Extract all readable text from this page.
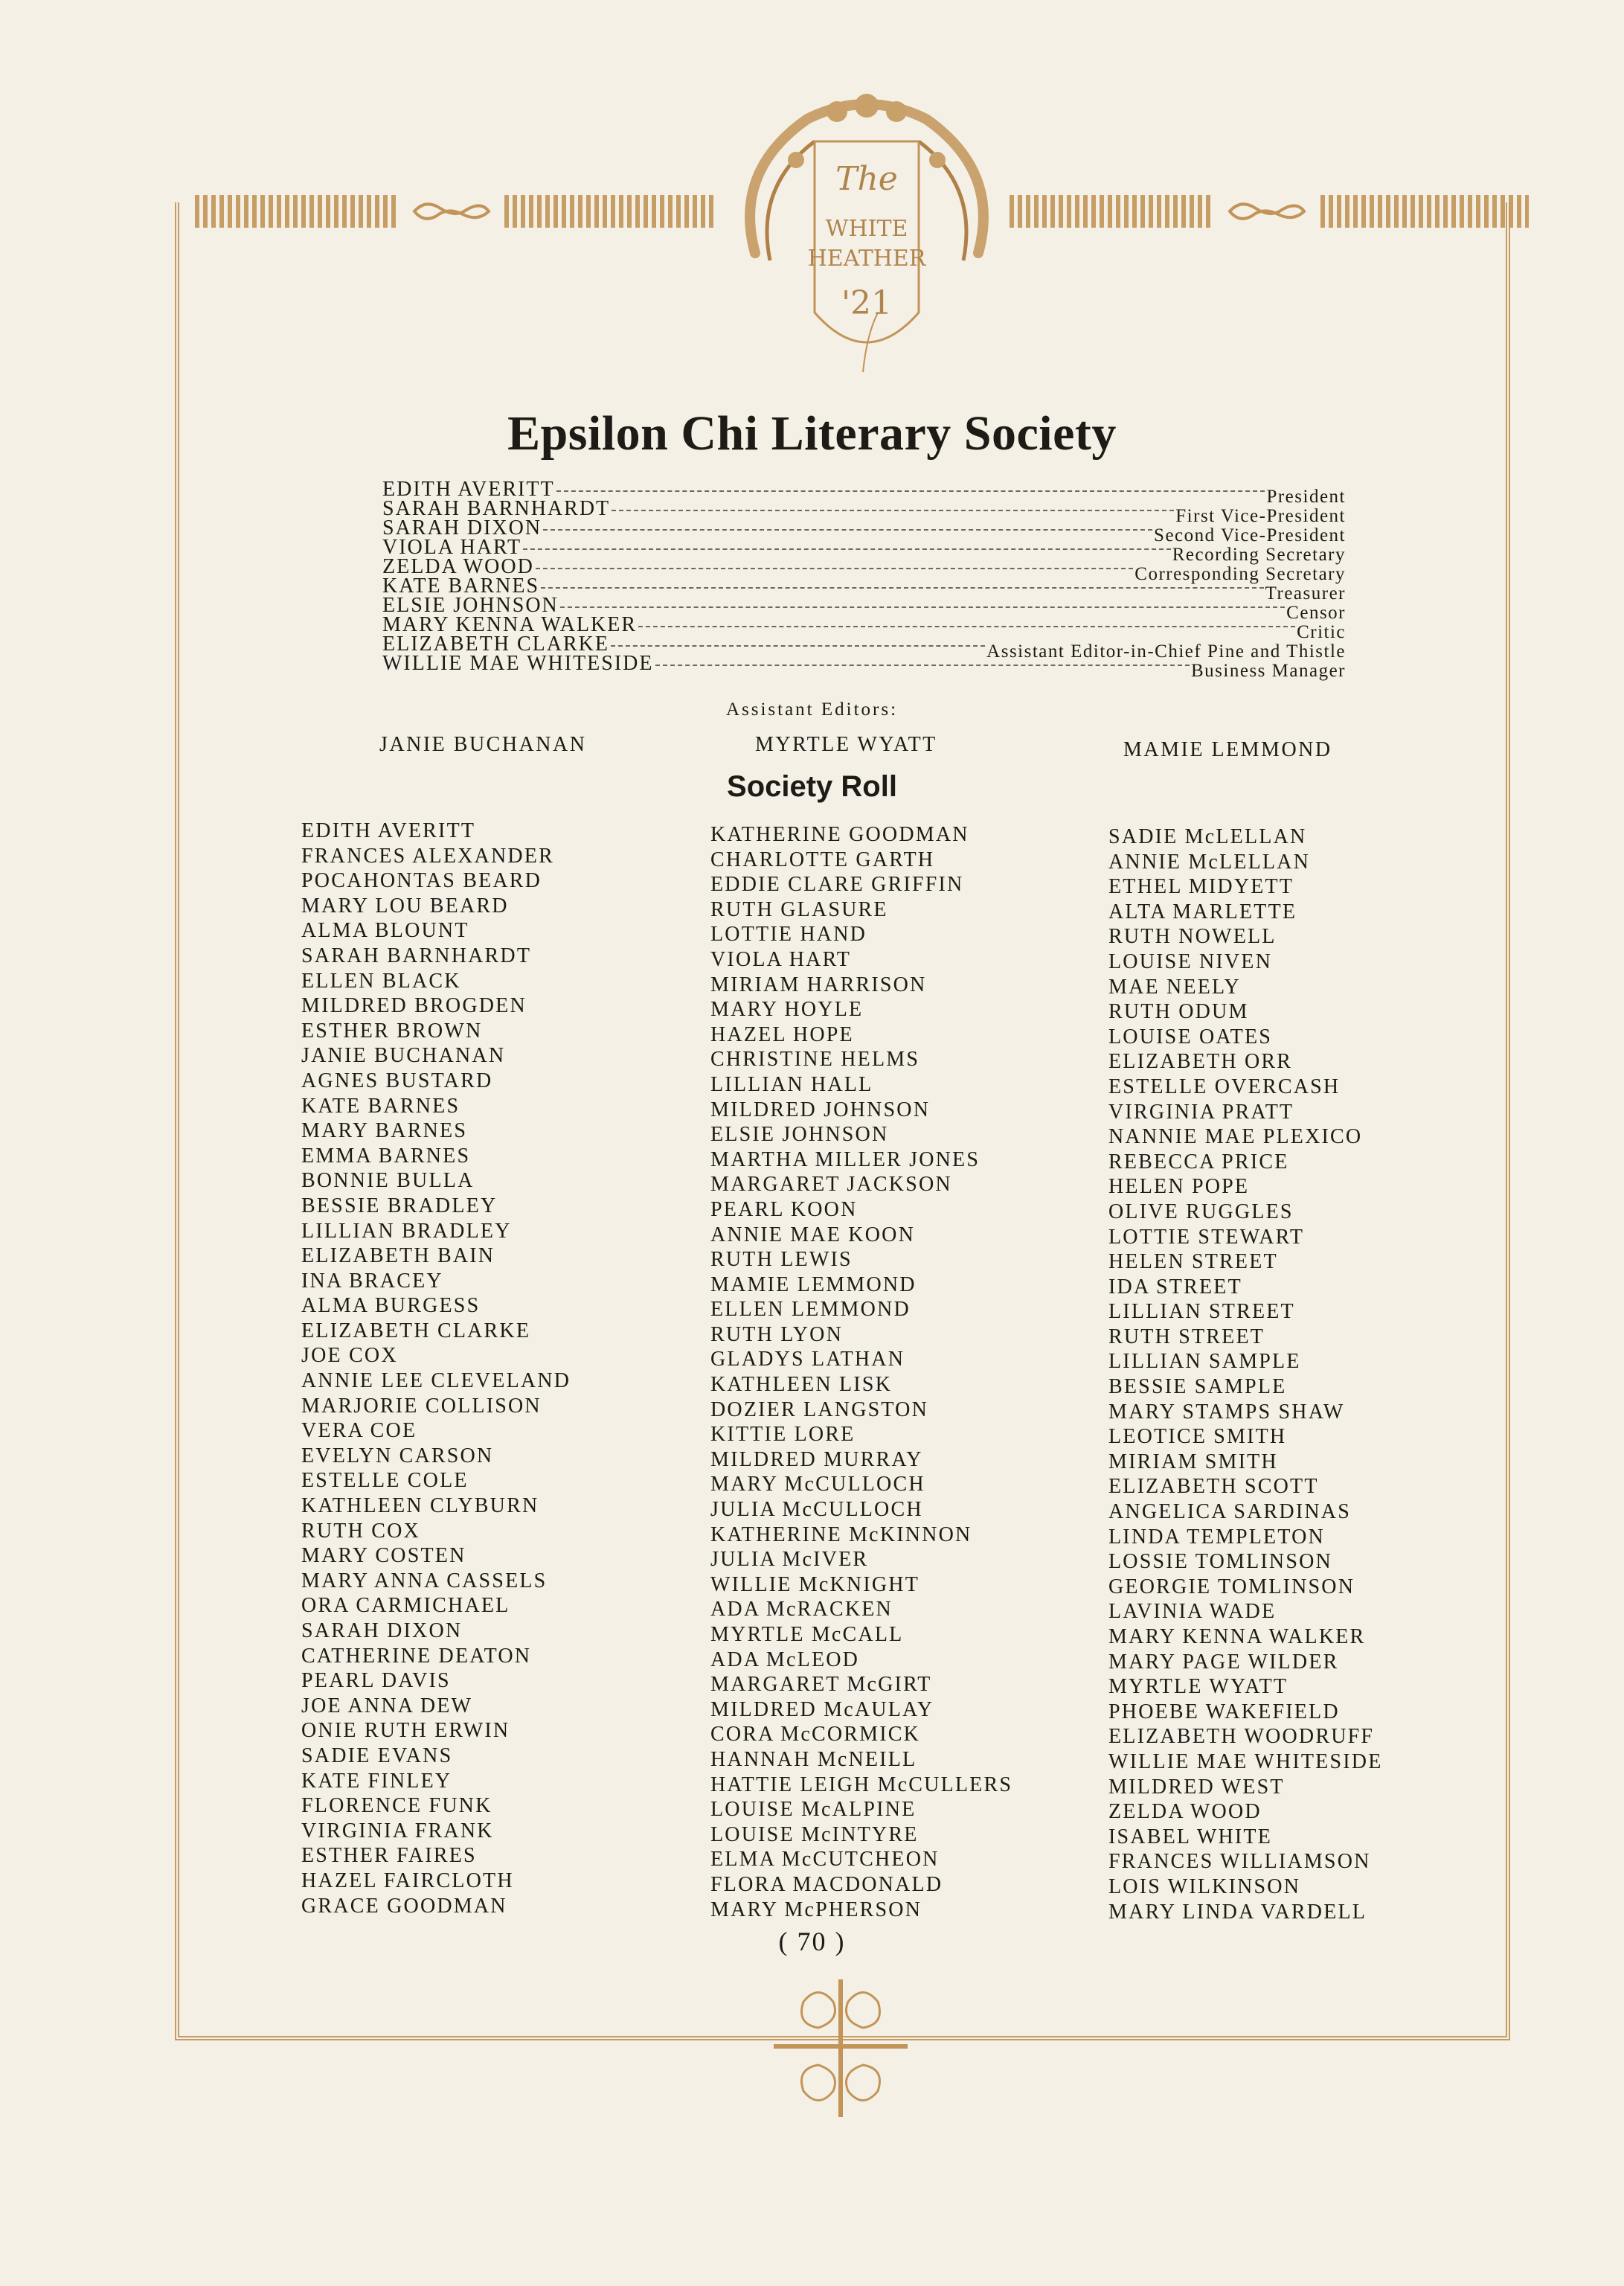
The
WHITE
HEATHER
'21
Epsilon Chi Literary Society
EDITH AVERITT	President
SARAH BARNHARDT	First Vice-President
SARAH DIXON	Second Vice-President
VIOLA HART	Recording Secretary
ZELDA WOOD	Corresponding Secretary
KATE BARNES	Treasurer
ELSIE JOHNSON	Censor
MARY KENNA WALKER	Critic
ELIZABETH CLARKE	Assistant Editor-in-Chief Pine and Thistle
WILLIE MAE WHITESIDE	Business Manager
Assistant Editors:
JANIE BUCHANAN	MYRTLE WYATT	MAMIE LEMMOND
Society Roll
EDITH AVERITT
FRANCES ALEXANDER
POCAHONTAS BEARD
MARY LOU BEARD
ALMA BLOUNT
SARAH BARNHARDT
ELLEN BLACK
MILDRED BROGDEN
ESTHER BROWN
JANIE BUCHANAN
AGNES BUSTARD
KATE BARNES
MARY BARNES
EMMA BARNES
BONNIE BULLA
BESSIE BRADLEY
LILLIAN BRADLEY
ELIZABETH BAIN
INA BRACEY
ALMA BURGESS
ELIZABETH CLARKE
JOE COX
ANNIE LEE CLEVELAND
MARJORIE COLLISON
VERA COE
EVELYN CARSON
ESTELLE COLE
KATHLEEN CLYBURN
RUTH COX
MARY COSTEN
MARY ANNA CASSELS
ORA CARMICHAEL
SARAH DIXON
CATHERINE DEATON
PEARL DAVIS
JOE ANNA DEW
ONIE RUTH ERWIN
SADIE EVANS
KATE FINLEY
FLORENCE FUNK
VIRGINIA FRANK
ESTHER FAIRES
HAZEL FAIRCLOTH
GRACE GOODMAN
KATHERINE GOODMAN
CHARLOTTE GARTH
EDDIE CLARE GRIFFIN
RUTH GLASURE
LOTTIE HAND
VIOLA HART
MIRIAM HARRISON
MARY HOYLE
HAZEL HOPE
CHRISTINE HELMS
LILLIAN HALL
MILDRED JOHNSON
ELSIE JOHNSON
MARTHA MILLER JONES
MARGARET JACKSON
PEARL KOON
ANNIE MAE KOON
RUTH LEWIS
MAMIE LEMMOND
ELLEN LEMMOND
RUTH LYON
GLADYS LATHAN
KATHLEEN LISK
DOZIER LANGSTON
KITTIE LORE
MILDRED MURRAY
MARY McCULLOCH
JULIA McCULLOCH
KATHERINE McKINNON
JULIA McIVER
WILLIE McKNIGHT
ADA McRACKEN
MYRTLE McCALL
ADA McLEOD
MARGARET McGIRT
MILDRED McAULAY
CORA McCORMICK
HANNAH McNEILL
HATTIE LEIGH McCULLERS
LOUISE McALPINE
LOUISE McINTYRE
ELMA McCUTCHEON
FLORA MACDONALD
MARY McPHERSON
SADIE McLELLAN
ANNIE McLELLAN
ETHEL MIDYETT
ALTA MARLETTE
RUTH NOWELL
LOUISE NIVEN
MAE NEELY
RUTH ODUM
LOUISE OATES
ELIZABETH ORR
ESTELLE OVERCASH
VIRGINIA PRATT
NANNIE MAE PLEXICO
REBECCA PRICE
HELEN POPE
OLIVE RUGGLES
LOTTIE STEWART
HELEN STREET
IDA STREET
LILLIAN STREET
RUTH STREET
LILLIAN SAMPLE
BESSIE SAMPLE
MARY STAMPS SHAW
LEOTICE SMITH
MIRIAM SMITH
ELIZABETH SCOTT
ANGELICA SARDINAS
LINDA TEMPLETON
LOSSIE TOMLINSON
GEORGIE TOMLINSON
LAVINIA WADE
MARY KENNA WALKER
MARY PAGE WILDER
MYRTLE WYATT
PHOEBE WAKEFIELD
ELIZABETH WOODRUFF
WILLIE MAE WHITESIDE
MILDRED WEST
ZELDA WOOD
ISABEL WHITE
FRANCES WILLIAMSON
LOIS WILKINSON
MARY LINDA VARDELL
( 70 )
